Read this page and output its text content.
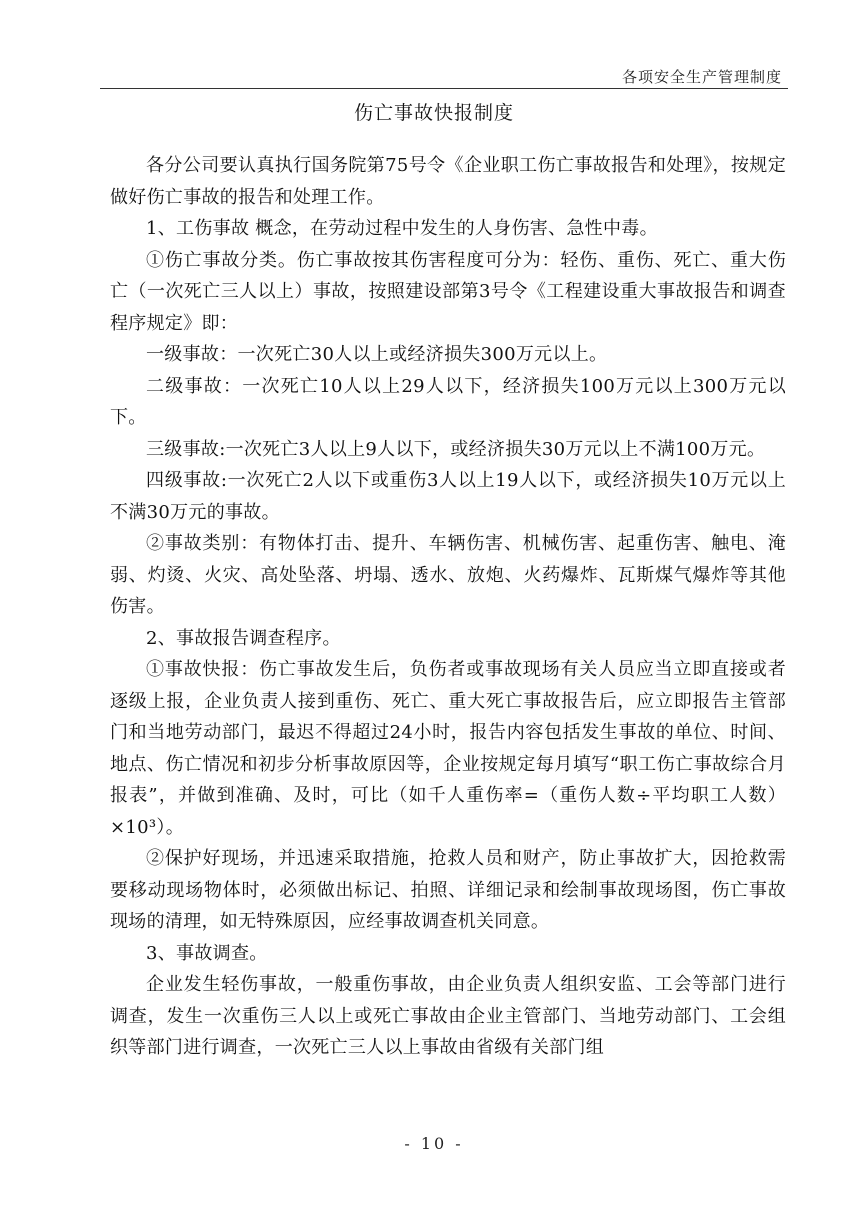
各项安全生产管理制度
伤亡事故快报制度

各分公司要认真执行国务院第75号令《企业职工伤亡事故报告和处理》，按规定做好伤亡事故的报告和处理工作。

1、工伤事故 概念，在劳动过程中发生的人身伤害、急性中毒。

①伤亡事故分类。伤亡事故按其伤害程度可分为：轻伤、重伤、死亡、重大伤亡（一次死亡三人以上）事故，按照建设部第3号令《工程建设重大事故报告和调查程序规定》即：

一级事故：一次死亡30人以上或经济损失300万元以上。

二级事故：一次死亡10人以上29人以下，经济损失100万元以上300万元以下。

三级事故:一次死亡3人以上9人以下，或经济损失30万元以上不满100万元。

四级事故:一次死亡2人以下或重伤3人以上19人以下，或经济损失10万元以上不满30万元的事故。

②事故类别：有物体打击、提升、车辆伤害、机械伤害、起重伤害、触电、淹弱、灼烫、火灾、高处坠落、坍塌、透水、放炮、火药爆炸、瓦斯煤气爆炸等其他伤害。

2、事故报告调查程序。

①事故快报：伤亡事故发生后，负伤者或事故现场有关人员应当立即直接或者逐级上报，企业负责人接到重伤、死亡、重大死亡事故报告后，应立即报告主管部门和当地劳动部门，最迟不得超过24小时，报告内容包括发生事故的单位、时间、地点、伤亡情况和初步分析事故原因等，企业按规定每月填写“职工伤亡事故综合月报表”，并做到准确、及时，可比（如千人重伤率=（重伤人数÷平均职工人数）×10³）。

②保护好现场，并迅速采取措施，抢救人员和财产，防止事故扩大，因抢救需要移动现场物体时，必须做出标记、拍照、详细记录和绘制事故现场图，伤亡事故现场的清理，如无特殊原因，应经事故调查机关同意。

3、事故调查。

企业发生轻伤事故，一般重伤事故，由企业负责人组织安监、工会等部门进行调查，发生一次重伤三人以上或死亡事故由企业主管部门、当地劳动部门、工会组织等部门进行调查，一次死亡三人以上事故由省级有关部门组

- 10 -
